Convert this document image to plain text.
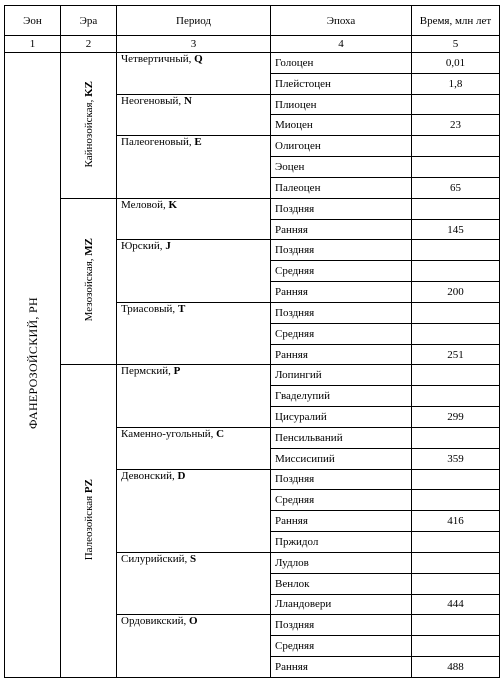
Эон	Эра	Период	Эпоха	Время, млн лет
1	2	3	4	5
ФАНЕРОЗОЙСКИЙ, PH	Кайнозойская, KZ	Четвертичный, Q	Голоцен	0,01
			Плейстоцен	1,8
		Неогеновый, N	Плиоцен	
			Миоцен	23
		Палеогеновый, E	Олигоцен	
			Эоцен	
			Палеоцен	65
	Мезозойская, MZ	Меловой, K	Поздняя	
			Ранняя	145
		Юрский, J	Поздняя	
			Средняя	
			Ранняя	200
		Триасовый, T	Поздняя	
			Средняя	
			Ранняя	251
	Палеозойская PZ	Пермский, P	Лопингий	
			Гваделупий	
			Цисуралий	299
		Каменно-угольный, C	Пенсильваний	
			Миссисипий	359
		Девонский, D	Поздняя	
			Средняя	
			Ранняя	416
			Пржидол	
		Силурийский, S	Лудлов	
			Венлок	
			Лландовери	444
		Ордовикский, O	Поздняя	
			Средняя	
			Ранняя	488
